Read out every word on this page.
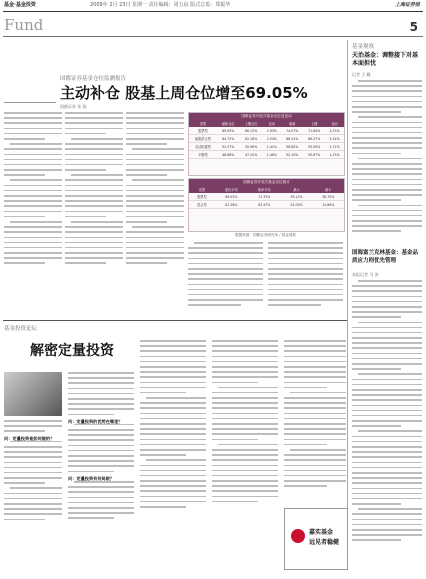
基金·基金投资	2009年 2月 23日 星期一 责任编辑：周五谊 版式总监：郑振华	上海证券报
Fund	5
国都证券基金仓位监测报告
主动补仓 股基上周仓位增至69.05%
国都证券 张 翔
国都证券开放式基金仓位及变动
类型	最新仓位	上期仓位	变动	最新	上期	变动
股票型	69.05%	66.12%	2.93%	74.07%	71.84%	2.23%
偏股混合型	64.72%	62.18%	2.54%	68.41%	66.27%	2.14%
灵活配置型	52.37%	50.96%	1.41%	56.80%	55.09%	1.71%
平衡型	48.66%	47.20%	1.46%	52.10%	50.87%	1.23%
国都证券开放式基金仓位统计
类型	加权平均	简单平均	最大	最小
股票型	69.05%	71.33%	93.12%	38.70%
混合型	61.28%	63.47%	91.05%	12.66%
数据来源：国都证券研究所 / 基金周报
基金观察
天治基金：调整接下对基本面担忧
记者 王 璐
基金投资论坛
解密定量投资
问：定量投资是如何做的？
问：定量投资的优势在哪里？
问：定量投资有何局限？
国海富兰克林基金：基金品质应力则优先管理
本报记者 马 涛
嘉实基金
远见者稳健
